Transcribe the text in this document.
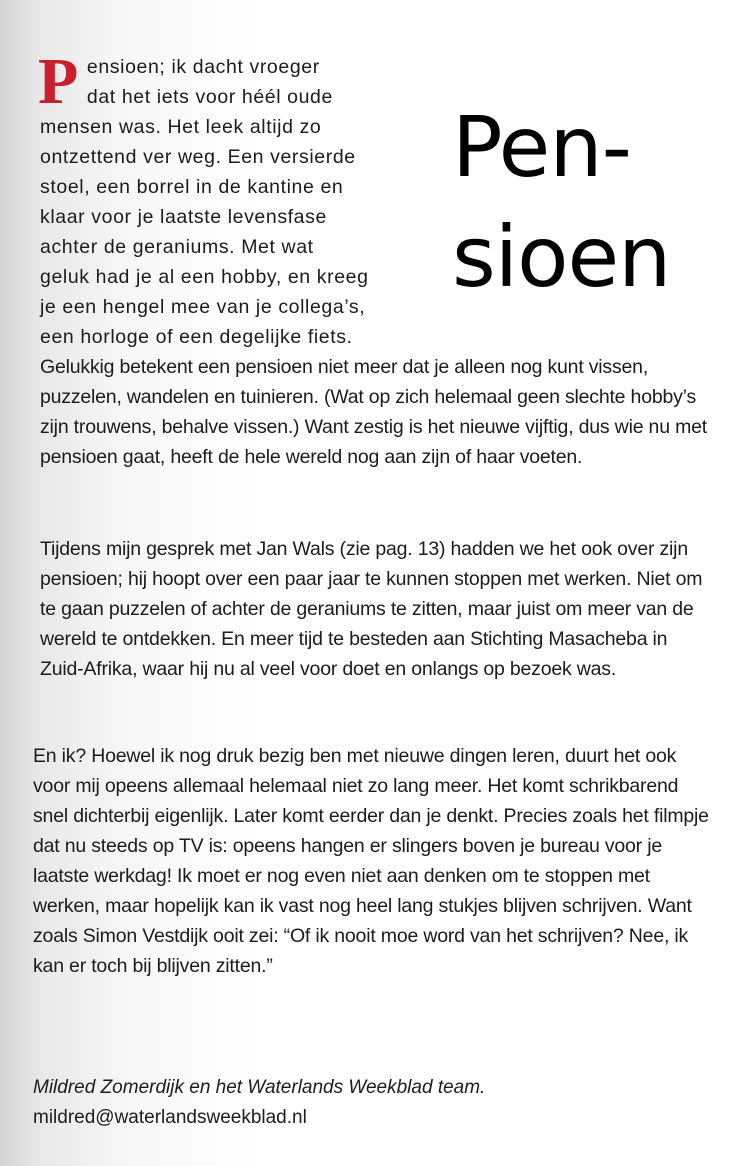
Pen-
sioen
P ensioen; ik dacht vroeger

dat het iets voor héél oude

mensen was. Het leek altijd zo

ontzettend ver weg. Een versierde

stoel, een borrel in de kantine en

klaar voor je laatste levensfase

achter de geraniums. Met wat

geluk had je al een hobby, en kreeg

je een hengel mee van je collega’s,

een horloge of een degelijke fiets.

Gelukkig betekent een pensioen niet meer dat je alleen nog kunt vissen, puzzelen, wandelen en tuinieren. (Wat op zich helemaal geen slechte hobby’s zijn trouwens, behalve vissen.) Want zestig is het nieuwe vijftig, dus wie nu met pensioen gaat, heeft de hele wereld nog aan zijn of haar voeten.

Tijdens mijn gesprek met Jan Wals (zie pag. 13) hadden we het ook over zijn pensioen; hij hoopt over een paar jaar te kunnen stoppen met werken. Niet om te gaan puzzelen of achter de geraniums te zitten, maar juist om meer van de wereld te ontdekken. En meer tijd te besteden aan Stichting Masacheba in Zuid-Afrika, waar hij nu al veel voor doet en onlangs op bezoek was.

En ik? Hoewel ik nog druk bezig ben met nieuwe dingen leren, duurt het ook voor mij opeens allemaal helemaal niet zo lang meer. Het komt schrikbarend snel dichterbij eigenlijk. Later komt eerder dan je denkt. Precies zoals het filmpje dat nu steeds op TV is: opeens hangen er slingers boven je bureau voor je laatste werkdag! Ik moet er nog even niet aan denken om te stoppen met werken, maar hopelijk kan ik vast nog heel lang stukjes blijven schrijven. Want zoals Simon Vestdijk ooit zei: “Of ik nooit moe word van het schrijven? Nee, ik kan er toch bij blijven zitten.”

Mildred Zomerdijk en het Waterlands Weekblad team.
mildred@waterlandsweekblad.nl
